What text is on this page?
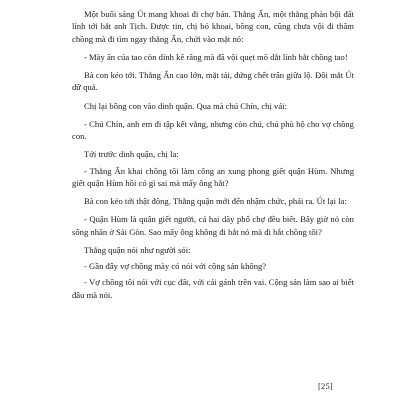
Một buổi sáng Út mang khoai đi chợ bán. Thằng Ẩn, một thằng phản bội đất lính tới bắt anh Tịch. Được tin, chị bỏ khoai, bồng con, cũng chưa vội đi thăm chồng mà đi tìm ngay thằng Ẩn, chửi vào mặt nó:

- Mày ăn của tao còn dính kẽ răng mà đã vội quẹt mõ dắt lính bắt chồng tao!

Bà con kéo tới. Thằng Ẩn cao lớn, mặt tái, đứng chết trân giữa lộ. Đôi mắt Út dữ quá.

Chị lại bồng con vào dinh quận. Qua mà chú Chín, chị vái:

- Chú Chín, anh em đi tập kết vắng, nhưng còn chú, chú phù hộ cho vợ chồng con.

Tới trước dinh quận, chị la:

- Thằng Ẩn khai chồng tôi làm công an xung phong giết quận Hùm. Nhưng giết quận Hùm hồi có gì sai mà mấy ông bắt?

Bà con kéo tới thật đông. Thằng quận mới đến nhậm chức, phải ra. Út lại la:

- Quận Hùm là quân giết người, cả hai dãy phố chợ đều biết. Bây giờ nó còn sống nhăn ở Sài Gòn. Sao mấy ông không đi bắt nó mà đi bắt chồng tôi?

Thằng quận nói như người sói:

- Gần đây vợ chồng mày có nói với cộng sản không?

- Vợ chồng tôi nói với cục đất, với cái gánh trên vai. Cộng sản làm sao ai biết đâu mà nói.

[25]
